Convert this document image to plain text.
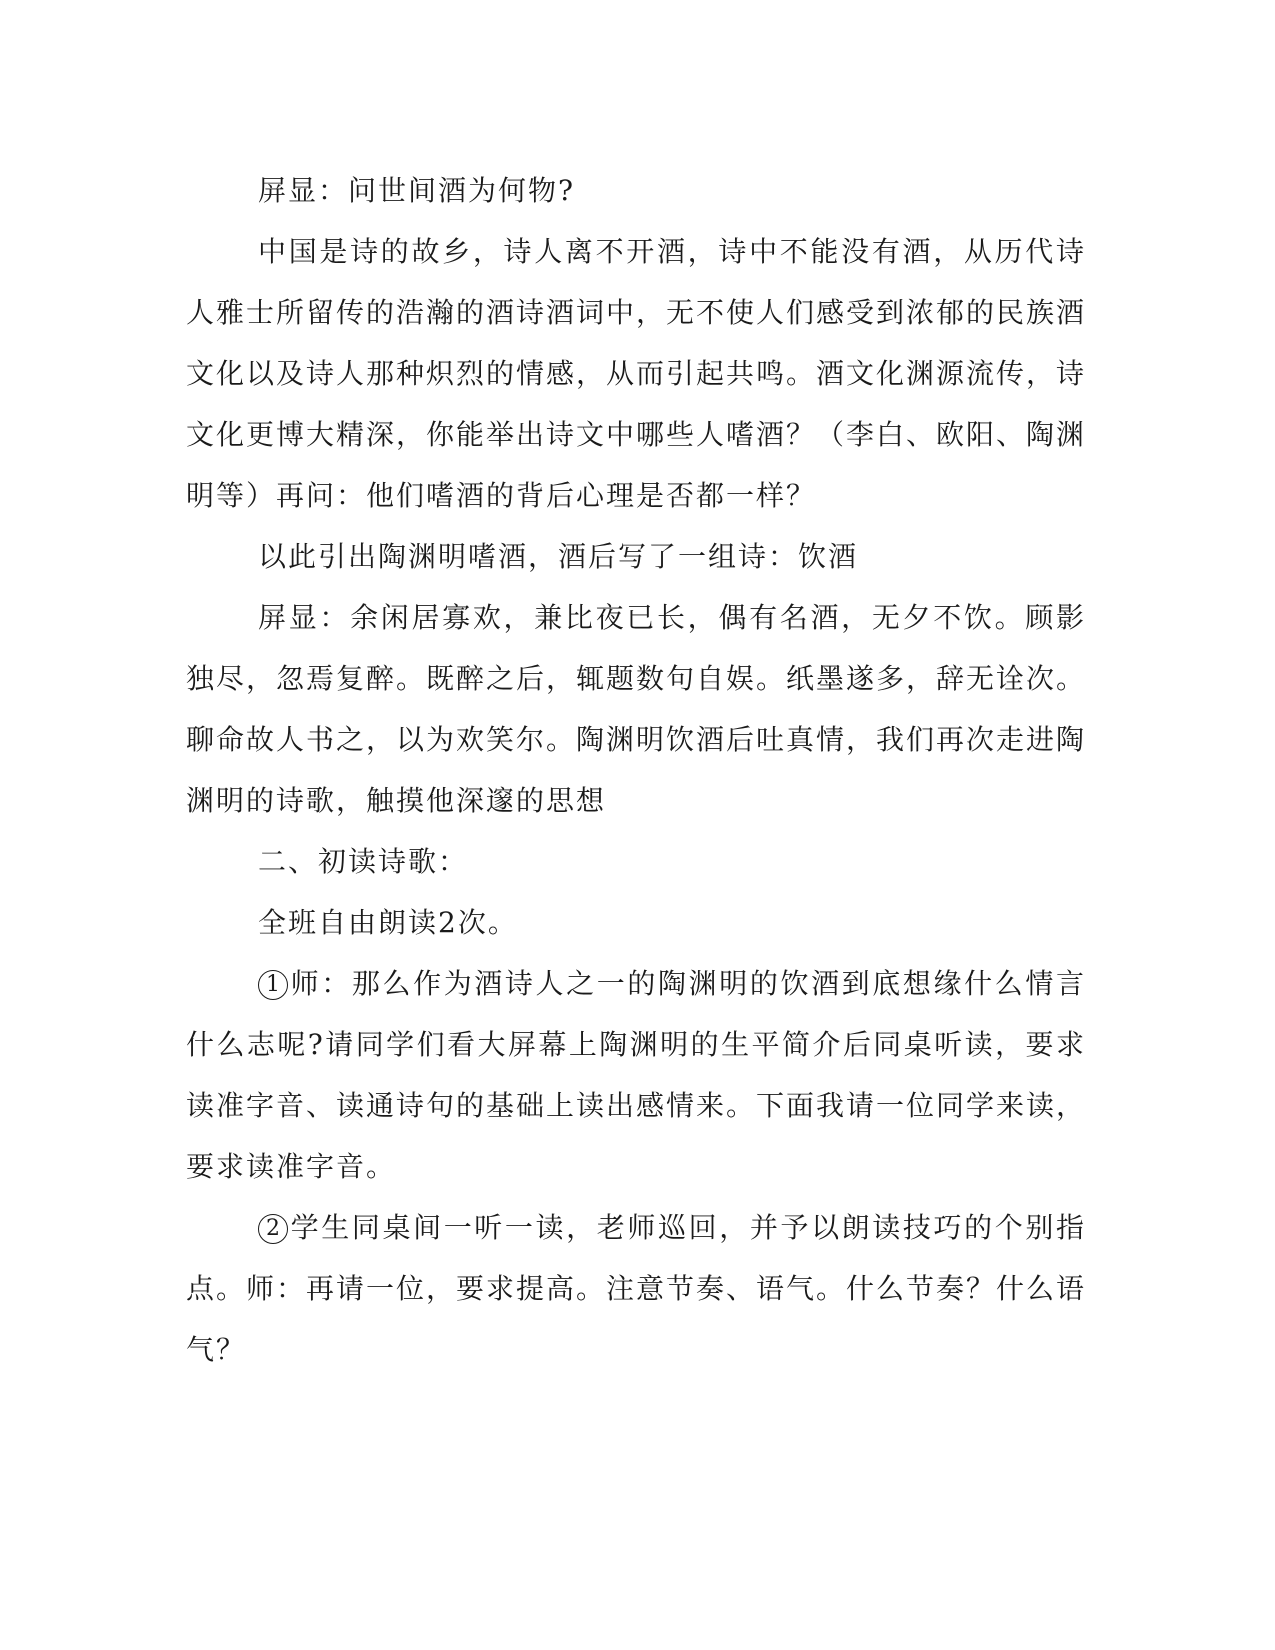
屏显：问世间酒为何物?

中国是诗的故乡，诗人离不开酒，诗中不能没有酒，从历代诗人雅士所留传的浩瀚的酒诗酒词中，无不使人们感受到浓郁的民族酒文化以及诗人那种炽烈的情感，从而引起共鸣。酒文化渊源流传，诗文化更博大精深，你能举出诗文中哪些人嗜酒？（李白、欧阳、陶渊明等）再问：他们嗜酒的背后心理是否都一样？

以此引出陶渊明嗜酒，酒后写了一组诗：饮酒

屏显：余闲居寡欢，兼比夜已长，偶有名酒，无夕不饮。顾影独尽，忽焉复醉。既醉之后，辄题数句自娱。纸墨遂多，辞无诠次。聊命故人书之，以为欢笑尔。陶渊明饮酒后吐真情，我们再次走进陶渊明的诗歌，触摸他深邃的思想

二、初读诗歌：

全班自由朗读2次。

1 师：那么作为酒诗人之一的陶渊明的饮酒到底想缘什么情言什么志呢?请同学们看大屏幕上陶渊明的生平简介后同桌听读，要求读准字音、读通诗句的基础上读出感情来。下面我请一位同学来读，要求读准字音。

2 学生同桌间一听一读，老师巡回，并予以朗读技巧的个别指点。师：再请一位，要求提高。注意节奏、语气。什么节奏？什么语气？
